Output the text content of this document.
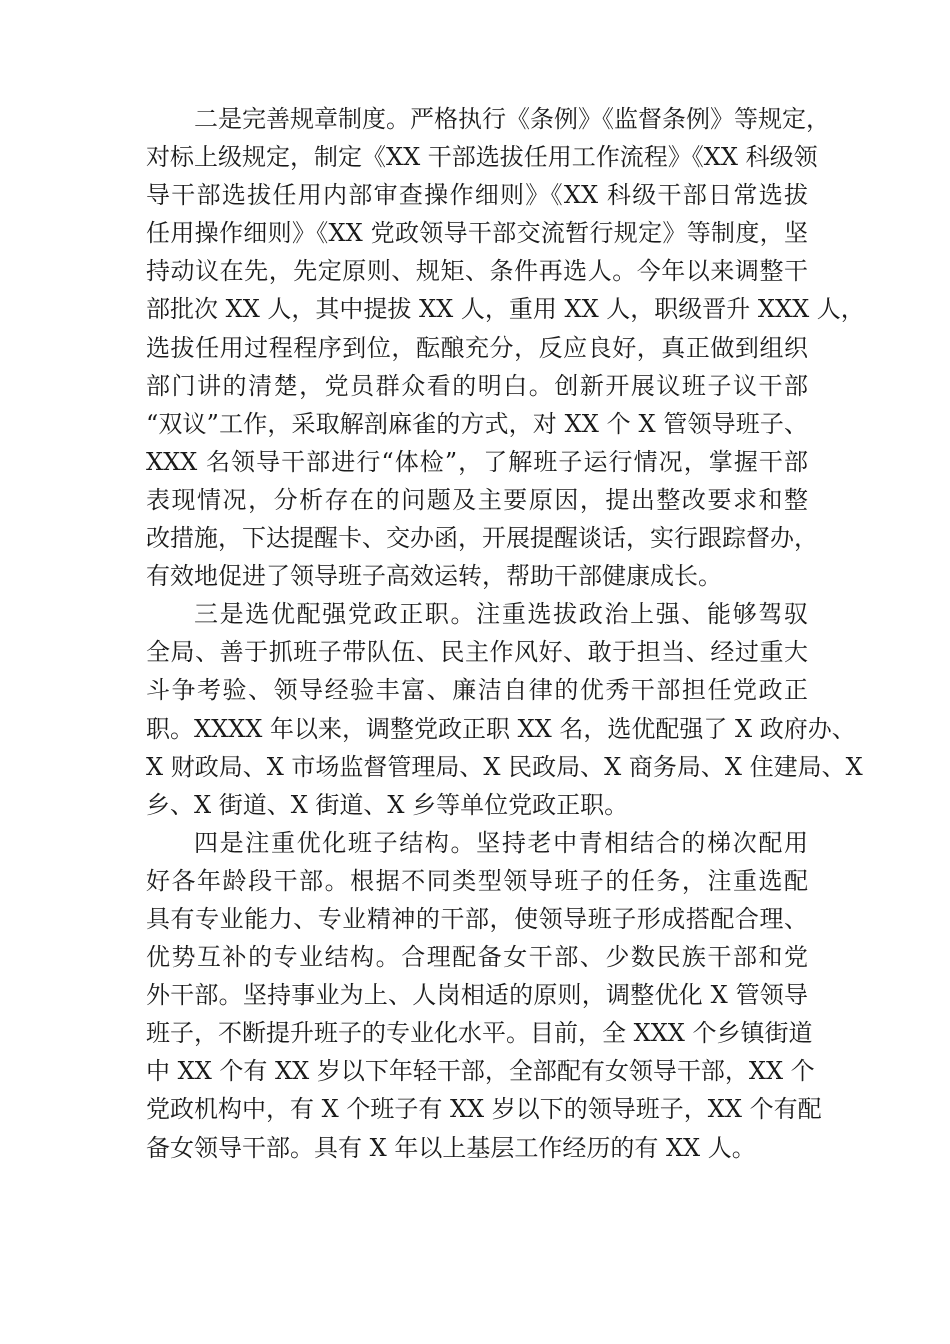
二是完善规章制度。严格执行《条例》《监督条例》等规定，
对标上级规定，制定《XX 干部选拔任用工作流程》《XX 科级领
导干部选拔任用内部审查操作细则》《XX 科级干部日常选拔
任用操作细则》《XX 党政领导干部交流暂行规定》等制度，坚
持动议在先，先定原则、规矩、条件再选人。今年以来调整干
部批次 XX 人，其中提拔 XX 人，重用 XX 人，职级晋升 XXX 人，
选拔任用过程程序到位，酝酿充分，反应良好，真正做到组织
部门讲的清楚，党员群众看的明白。创新开展议班子议干部
“双议”工作，采取解剖麻雀的方式，对 XX 个 X 管领导班子、
XXX 名领导干部进行“体检”，了解班子运行情况，掌握干部
表现情况，分析存在的问题及主要原因，提出整改要求和整
改措施，下达提醒卡、交办函，开展提醒谈话，实行跟踪督办，
有效地促进了领导班子高效运转，帮助干部健康成长。
三是选优配强党政正职。注重选拔政治上强、能够驾驭
全局、善于抓班子带队伍、民主作风好、敢于担当、经过重大
斗争考验、领导经验丰富、廉洁自律的优秀干部担任党政正
职。XXXX 年以来，调整党政正职 XX 名，选优配强了 X 政府办、
X 财政局、X 市场监督管理局、X 民政局、X 商务局、X 住建局、X
乡、X 街道、X 街道、X 乡等单位党政正职。
四是注重优化班子结构。坚持老中青相结合的梯次配用
好各年龄段干部。根据不同类型领导班子的任务，注重选配
具有专业能力、专业精神的干部，使领导班子形成搭配合理、
优势互补的专业结构。合理配备女干部、少数民族干部和党
外干部。坚持事业为上、人岗相适的原则，调整优化 X 管领导
班子，不断提升班子的专业化水平。目前，全 XXX 个乡镇街道
中 XX 个有 XX 岁以下年轻干部，全部配有女领导干部，XX 个
党政机构中，有 X 个班子有 XX 岁以下的领导班子，XX 个有配
备女领导干部。具有 X 年以上基层工作经历的有 XX 人。
